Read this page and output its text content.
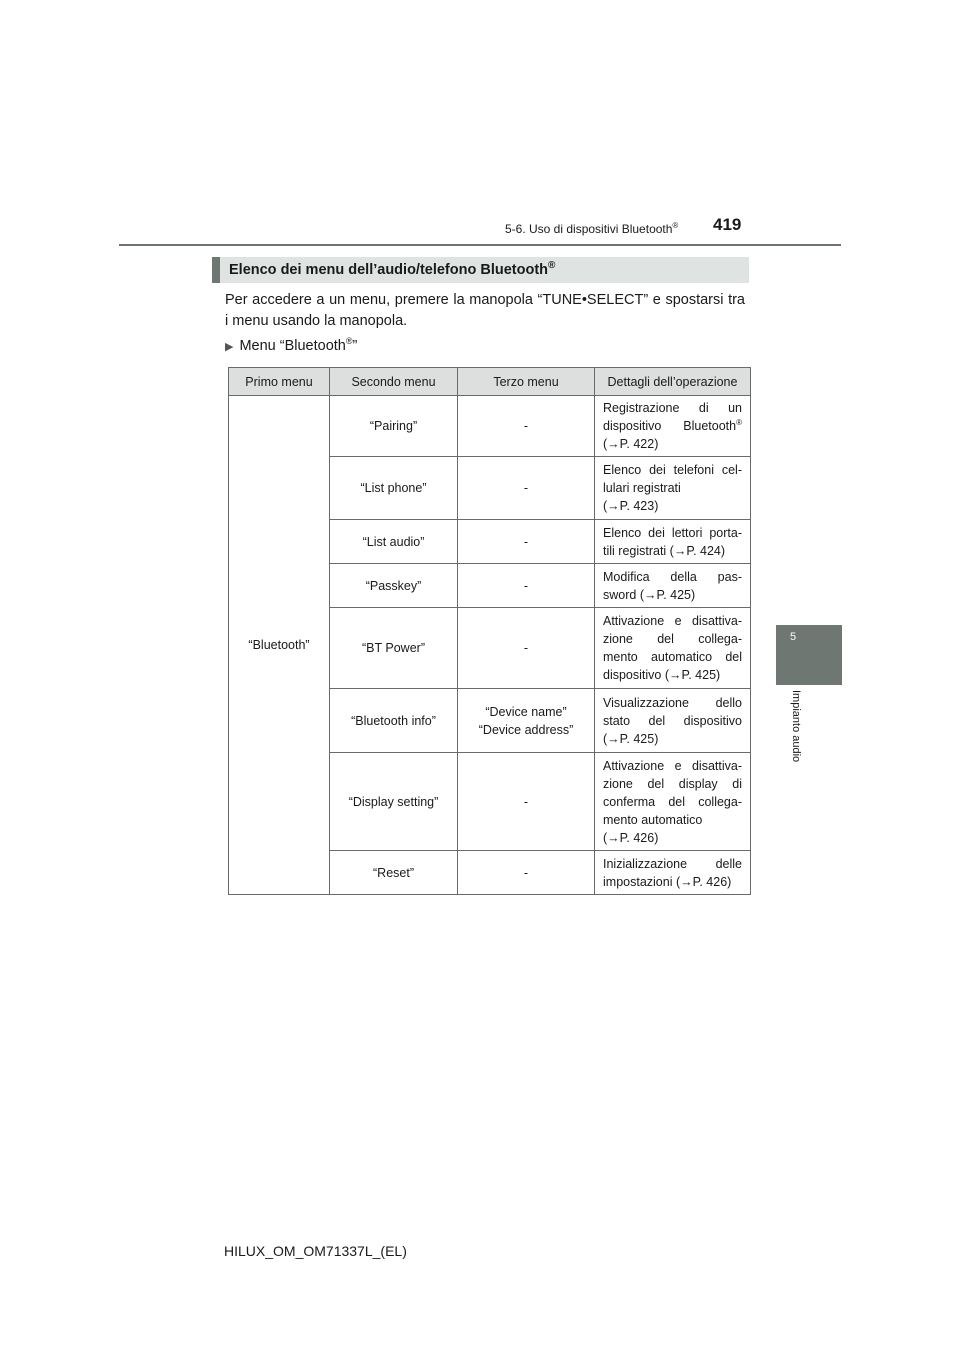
5-6. Uso di dispositivi Bluetooth® 419
5
Impianto audio
Elenco dei menu dell’audio/telefono Bluetooth®
Per accedere a un menu, premere la manopola “TUNE•SELECT” e spostarsi tra i menu usando la manopola.
▶ Menu “Bluetooth®”
Primo menu	Secondo menu	Terzo menu	Dettagli dell’operazione
“Bluetooth”	“Pairing”	-	Registrazione di un
dispositivo Bluetooth®
(→P. 422)

	“List phone”	-	Elenco dei telefoni cel-
lulari registrati
(→P. 423)

	“List audio”	-	Elenco dei lettori porta-
tili registrati (→P. 424)

	“Passkey”	-	Modifica della pas-
sword (→P. 425)

	“BT Power”	-	Attivazione e disattiva-
zione del collega-
mento automatico del
dispositivo (→P. 425)

	“Bluetooth info”	“Device name”
“Device address”	Visualizzazione dello
stato del dispositivo
(→P. 425)

	“Display setting”	-	Attivazione e disattiva-
zione del display di
conferma del collega-
mento automatico
(→P. 426)

	“Reset”	-	Inizializzazione delle
impostazioni (→P. 426)
HILUX_OM_OM71337L_(EL)
